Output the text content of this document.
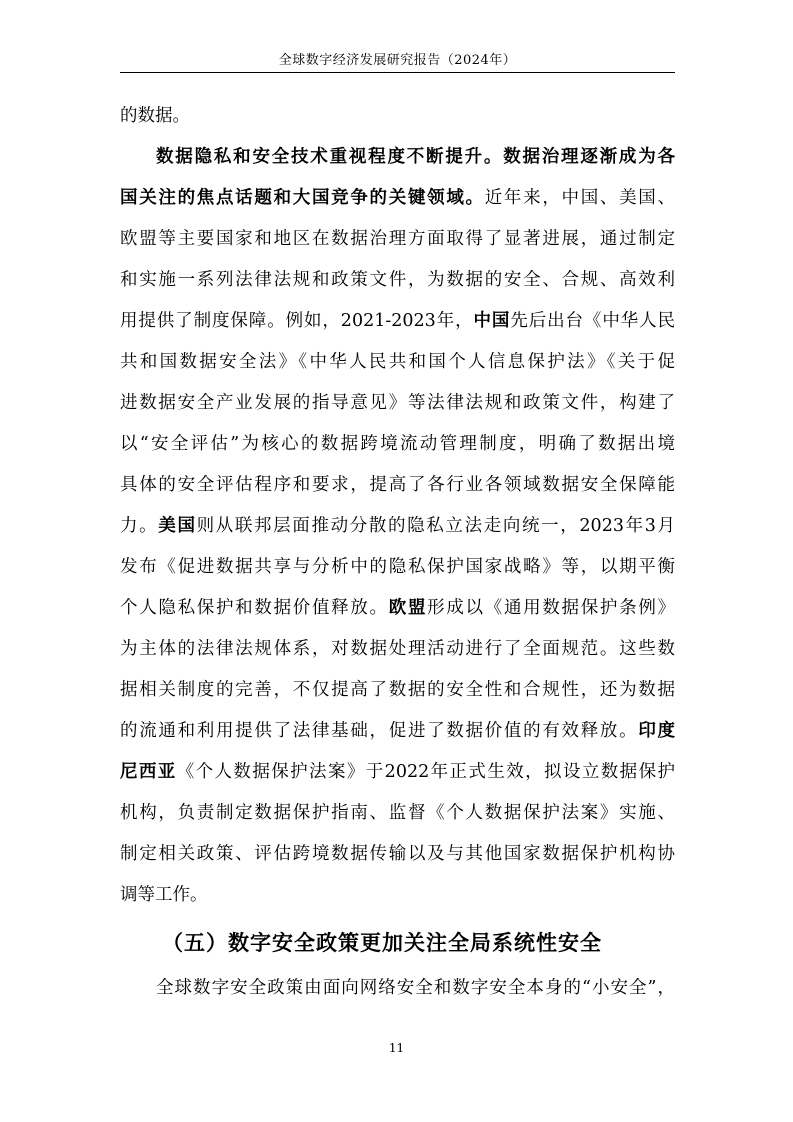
全球数字经济发展研究报告（2024年）
的数据。
数据隐私和安全技术重视程度不断提升。数据治理逐渐成为各
国关注的焦点话题和大国竞争的关键领域。近年来，中国、美国、
欧盟等主要国家和地区在数据治理方面取得了显著进展，通过制定
和实施一系列法律法规和政策文件，为数据的安全、合规、高效利
用提供了制度保障。例如，2021-2023年，中国先后出台《中华人民
共和国数据安全法》《中华人民共和国个人信息保护法》《关于促
进数据安全产业发展的指导意见》等法律法规和政策文件，构建了
以“安全评估”为核心的数据跨境流动管理制度，明确了数据出境
具体的安全评估程序和要求，提高了各行业各领域数据安全保障能
力。美国则从联邦层面推动分散的隐私立法走向统一，2023年3月
发布《促进数据共享与分析中的隐私保护国家战略》等，以期平衡
个人隐私保护和数据价值释放。欧盟形成以《通用数据保护条例》
为主体的法律法规体系，对数据处理活动进行了全面规范。这些数
据相关制度的完善，不仅提高了数据的安全性和合规性，还为数据
的流通和利用提供了法律基础，促进了数据价值的有效释放。印度
尼西亚《个人数据保护法案》于2022年正式生效，拟设立数据保护
机构，负责制定数据保护指南、监督《个人数据保护法案》实施、
制定相关政策、评估跨境数据传输以及与其他国家数据保护机构协
调等工作。
（五）数字安全政策更加关注全局系统性安全
全球数字安全政策由面向网络安全和数字安全本身的“小安全”，
11
